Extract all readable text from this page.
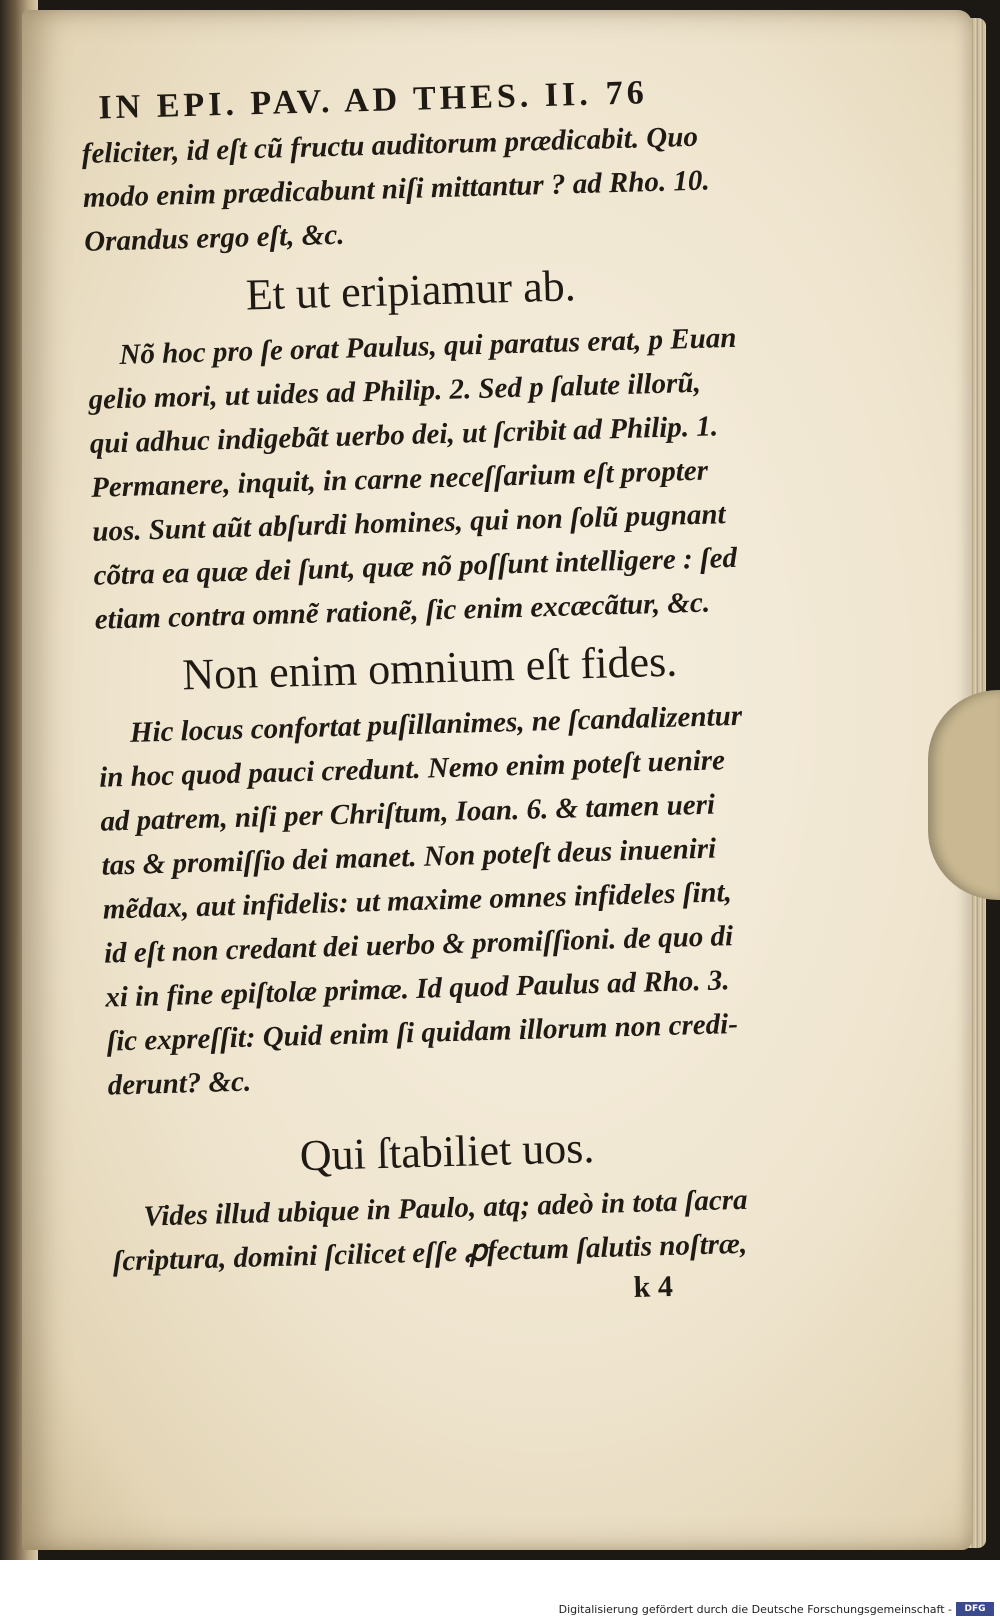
IN EPI. PAV. AD THES. II. 76
feliciter, id eſt cũ fructu auditorum prædicabit. Quo
modo enim prædicabunt niſi mittantur ? ad Rho. 10.
Orandus ergo eſt, &c.
Et ut eripiamur ab.
Nõ hoc pro ſe orat Paulus, qui paratus erat, p Euan
gelio mori, ut uides ad Philip. 2. Sed p ſalute illorũ,
qui adhuc indigebãt uerbo dei, ut ſcribit ad Philip. 1.
Permanere, inquit, in carne neceſſarium eſt propter
uos. Sunt aũt abſurdi homines, qui non ſolũ pugnant
cõtra ea quæ dei ſunt, quæ nõ poſſunt intelligere : ſed
etiam contra omnẽ rationẽ, ſic enim excæcãtur, &c.
Non enim omnium eſt fides.
Hic locus confortat puſillanimes, ne ſcandalizentur
in hoc quod pauci credunt. Nemo enim poteſt uenire
ad patrem, niſi per Chriſtum, Ioan. 6. & tamen ueri
tas & promiſſio dei manet. Non poteſt deus inueniri
mẽdax, aut infidelis: ut maxime omnes infideles ſint,
id eſt non credant dei uerbo & promiſſioni. de quo di
xi in fine epiſtolæ primæ. Id quod Paulus ad Rho. 3.
ſic expreſſit: Quid enim ſi quidam illorum non credi-
derunt? &c.
Qui ſtabiliet uos.
Vides illud ubique in Paulo, atq; adeò in tota ſacra
ſcriptura, domini ſcilicet eſſe ꝓfectum ſalutis noſtræ,
k 4
Digitalisierung gefördert durch die Deutsche Forschungsgemeinschaft -	DFG
